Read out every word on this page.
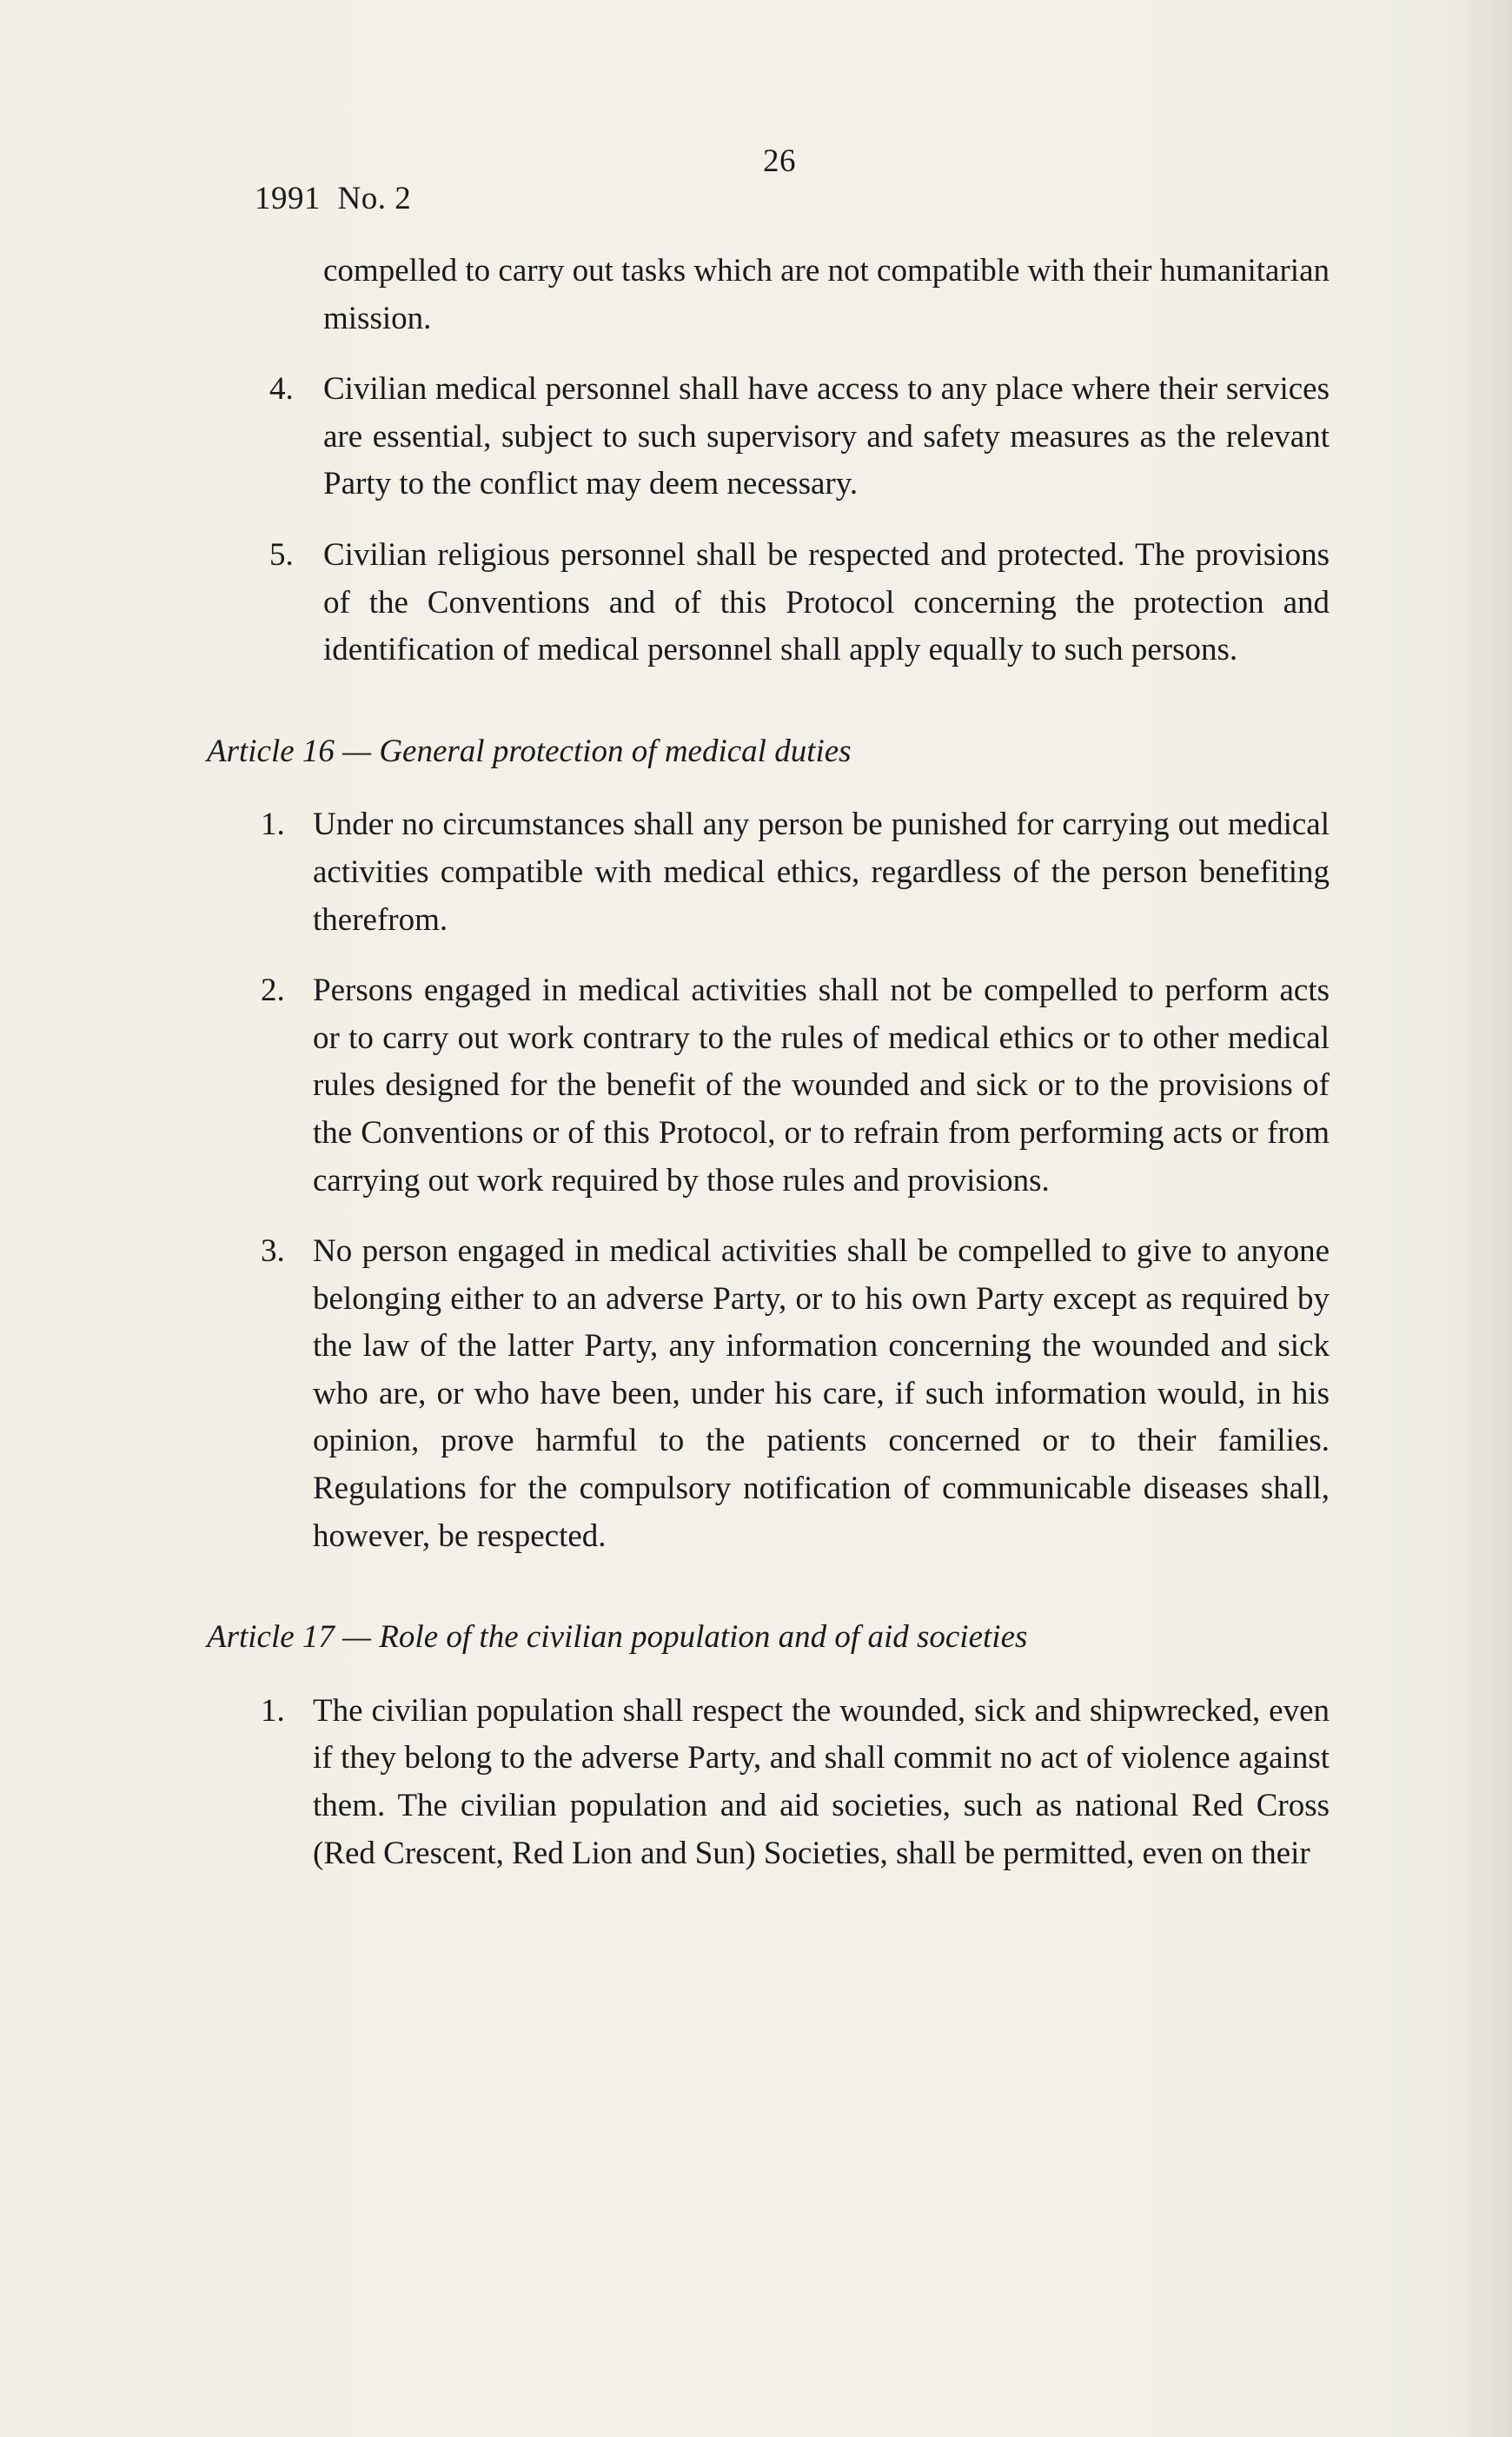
1991  No. 2

26

compelled to carry out tasks which are not compatible with their humanitarian mission.
4. Civilian medical personnel shall have access to any place where their services are essential, subject to such supervisory and safety measures as the relevant Party to the conflict may deem necessary.
5. Civilian religious personnel shall be respected and protected. The provisions of the Conventions and of this Protocol concerning the protection and identification of medical personnel shall apply equally to such persons.

Article 16 — General protection of medical duties

1. Under no circumstances shall any person be punished for carrying out medical activities compatible with medical ethics, regardless of the person benefiting therefrom.
2. Persons engaged in medical activities shall not be compelled to perform acts or to carry out work contrary to the rules of medical ethics or to other medical rules designed for the benefit of the wounded and sick or to the provisions of the Conventions or of this Protocol, or to refrain from performing acts or from carrying out work required by those rules and provisions.
3. No person engaged in medical activities shall be compelled to give to anyone belonging either to an adverse Party, or to his own Party except as required by the law of the latter Party, any information concerning the wounded and sick who are, or who have been, under his care, if such information would, in his opinion, prove harmful to the patients concerned or to their families. Regulations for the compulsory notification of communicable diseases shall, however, be respected.

Article 17 — Role of the civilian population and of aid societies

1. The civilian population shall respect the wounded, sick and shipwrecked, even if they belong to the adverse Party, and shall commit no act of violence against them. The civilian population and aid societies, such as national Red Cross (Red Crescent, Red Lion and Sun) Societies, shall be permitted, even on their
